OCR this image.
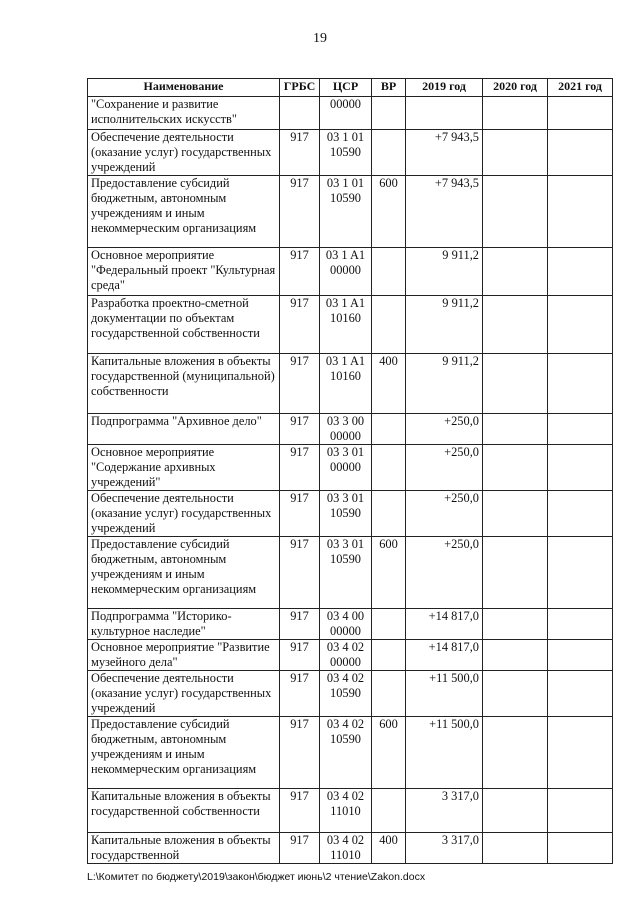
19
Наименование	ГРБС	ЦСР	ВР	2019 год	2020 год	2021 год
"Сохранение и развитие исполнительских искусств"		00000				
Обеспечение деятельности (оказание услуг) государственных учреждений	917	03 1 01 10590		+7 943,5		
Предоставление субсидий бюджетным, автономным учреждениям и иным некоммерческим организациям	917	03 1 01 10590	600	+7 943,5		
Основное мероприятие "Федеральный проект "Культурная среда"	917	03 1 A1 00000		9 911,2		
Разработка проектно-сметной документации по объектам государственной собственности	917	03 1 A1 10160		9 911,2		
Капитальные вложения в объекты государственной (муниципальной) собственности	917	03 1 A1 10160	400	9 911,2		
Подпрограмма "Архивное дело"	917	03 3 00 00000		+250,0		
Основное мероприятие "Содержание архивных учреждений"	917	03 3 01 00000		+250,0		
Обеспечение деятельности (оказание услуг) государственных учреждений	917	03 3 01 10590		+250,0		
Предоставление субсидий бюджетным, автономным учреждениям и иным некоммерческим организациям	917	03 3 01 10590	600	+250,0		
Подпрограмма "Историко-культурное наследие"	917	03 4 00 00000		+14 817,0		
Основное мероприятие "Развитие музейного дела"	917	03 4 02 00000		+14 817,0		
Обеспечение деятельности (оказание услуг) государственных учреждений	917	03 4 02 10590		+11 500,0		
Предоставление субсидий бюджетным, автономным учреждениям и иным некоммерческим организациям	917	03 4 02 10590	600	+11 500,0		
Капитальные вложения в объекты государственной собственности	917	03 4 02 11010		3 317,0		
Капитальные вложения в объекты государственной	917	03 4 02 11010	400	3 317,0		
L:\Комитет по бюджету\2019\закон\бюджет июнь\2 чтение\Zakon.docx
